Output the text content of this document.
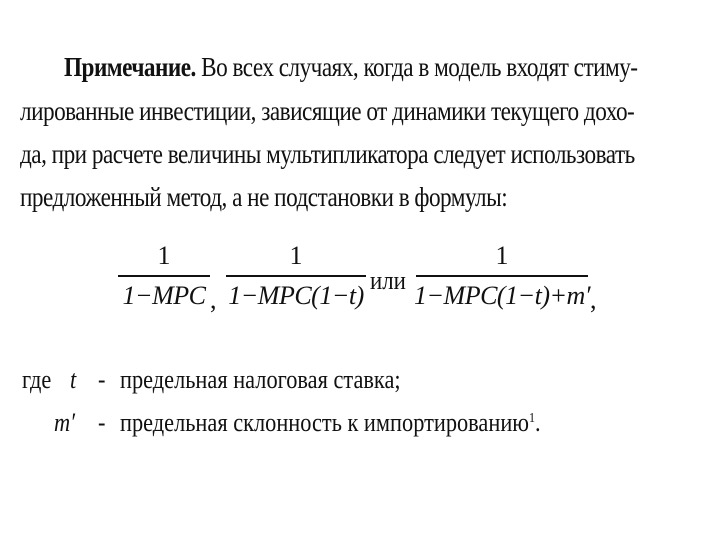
Примечание. Во всех случаях, когда в модель входят стиму-
лированные инвестиции, зависящие от динамики текущего дохо-
да, при расчете величины мультипликатора следует использовать
предложенный метод, а не подстановки в формулы:
1
1−MPC ,
1
1−MPC(1−t)
или
1
1−MPC(1−t)+m′ ,
где t - предельная налоговая ставка;
m′ - предельная склонность к импортированию$^1$.
